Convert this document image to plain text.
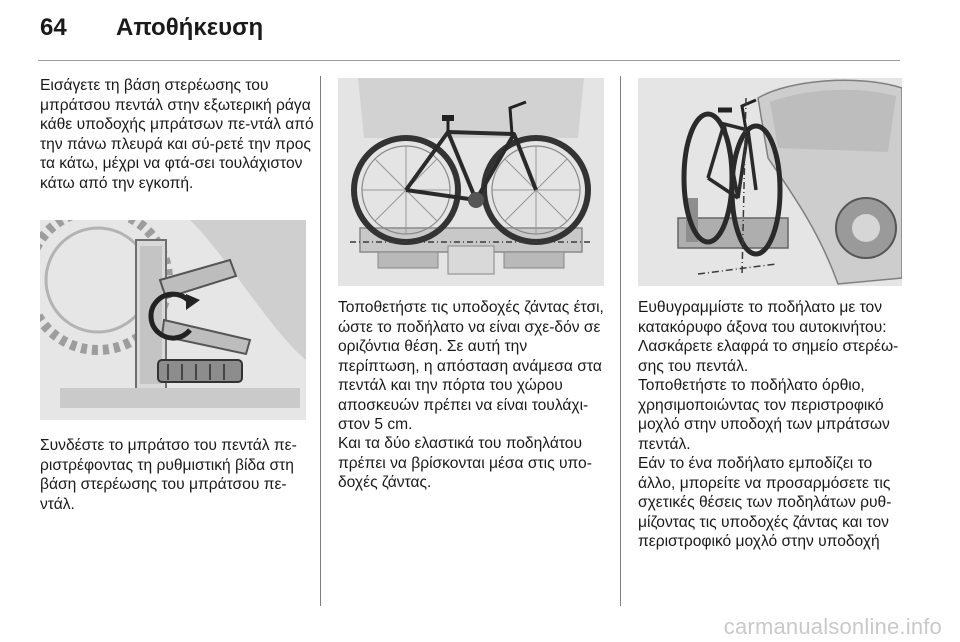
64 Αποθήκευση

Εισάγετε τη βάση στερέωσης του μπράτσου πεντάλ στην εξωτερική ράγα κάθε υποδοχής μπράτσων πε-ντάλ από την πάνω πλευρά και σύ-ρετέ την προς τα κάτω, μέχρι να φτά-σει τουλάχιστον κάτω από την εγκοπή.

Συνδέστε το μπράτσο του πεντάλ πε-ριστρέφοντας τη ρυθμιστική βίδα στη βάση στερέωσης του μπράτσου πε-ντάλ.

Τοποθετήστε τις υποδοχές ζάντας έτσι, ώστε το ποδήλατο να είναι σχε-δόν σε οριζόντια θέση. Σε αυτή την περίπτωση, η απόσταση ανάμεσα στα πεντάλ και την πόρτα του χώρου αποσκευών πρέπει να είναι τουλάχι-στον 5 cm.

Και τα δύο ελαστικά του ποδηλάτου πρέπει να βρίσκονται μέσα στις υπο-δοχές ζάντας.

Ευθυγραμμίστε το ποδήλατο με τον κατακόρυφο άξονα του αυτοκινήτου: Λασκάρετε ελαφρά το σημείο στερέω-σης του πεντάλ.

Τοποθετήστε το ποδήλατο όρθιο, χρησιμοποιώντας τον περιστροφικό μοχλό στην υποδοχή των μπράτσων πεντάλ.

Εάν το ένα ποδήλατο εμποδίζει το άλλο, μπορείτε να προσαρμόσετε τις σχετικές θέσεις των ποδηλάτων ρυθ-μίζοντας τις υποδοχές ζάντας και τον περιστροφικό μοχλό στην υποδοχή

carmanualsonline.info
